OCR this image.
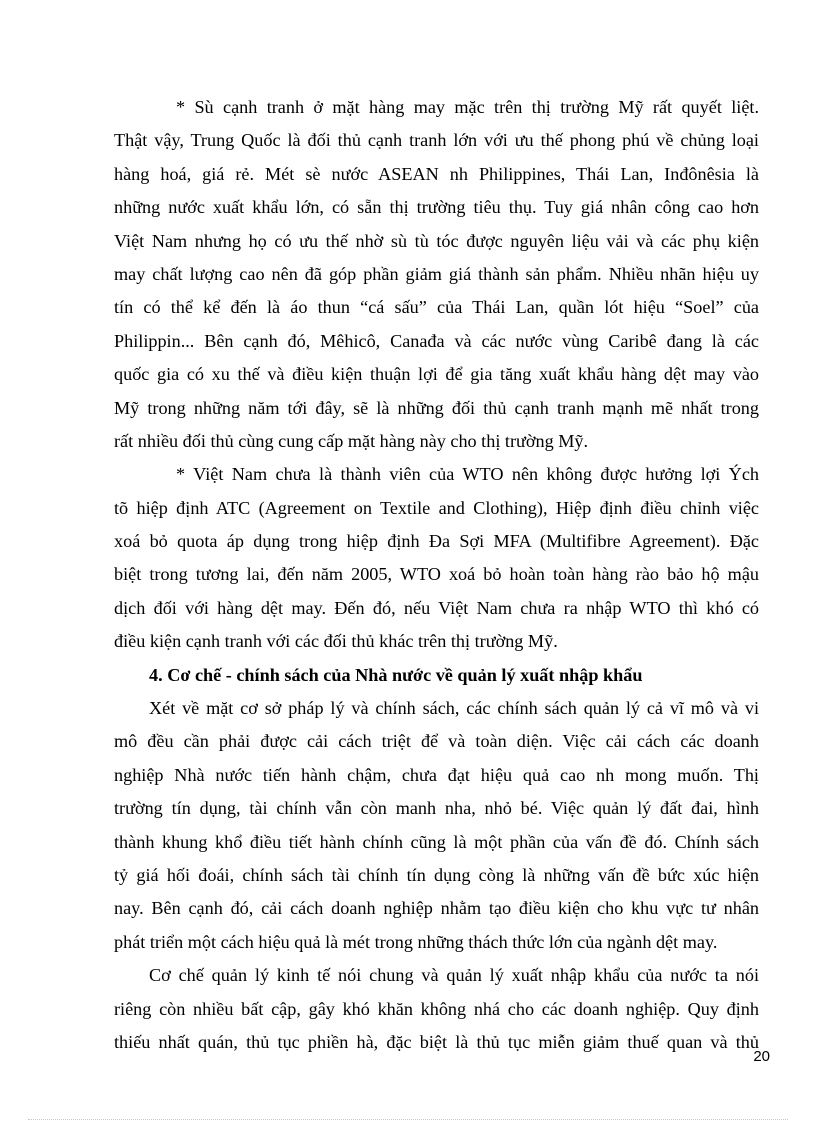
* Sù cạnh tranh ở mặt hàng may mặc trên thị trường Mỹ rất quyết liệt.
Thật vậy, Trung Quốc là đối thủ cạnh tranh lớn với ưu thế phong phú về chủng loại
hàng hoá, giá rẻ. Mét sè nước ASEAN nh Philippines, Thái Lan, Inđônêsia là
những nước xuất khẩu lớn, có sẵn thị trường tiêu thụ. Tuy giá nhân công cao hơn
Việt Nam nhưng họ có ưu thế nhờ sù tù tóc được nguyên liệu vải và các phụ kiện
may chất lượng cao nên đã góp phần giảm giá thành sản phẩm. Nhiều nhãn hiệu uy
tín có thể kể đến là áo thun “cá sấu” của Thái Lan, quần lót hiệu “Soel” của
Philippin... Bên cạnh đó, Mêhicô, Canađa và các nước vùng Caribê đang là các
quốc gia có xu thế và điều kiện thuận lợi để gia tăng xuất khẩu hàng dệt may vào
Mỹ trong những năm tới đây, sẽ là những đối thủ cạnh tranh mạnh mẽ nhất trong
rất nhiều đối thủ cùng cung cấp mặt hàng này cho thị trường Mỹ.
* Việt Nam chưa là thành viên của WTO nên không được hưởng lợi Ých
tõ hiệp định ATC (Agreement on Textile and Clothing), Hiệp định điều chỉnh việc
xoá bỏ quota áp dụng trong hiệp định Đa Sợi MFA (Multifibre Agreement). Đặc
biệt trong tương lai, đến năm 2005, WTO xoá bỏ hoàn toàn hàng rào bảo hộ mậu
dịch đối với hàng dệt may. Đến đó, nếu Việt Nam chưa ra nhập WTO thì khó có
điều kiện cạnh tranh với các đối thủ khác trên thị trường Mỹ.
4. Cơ chế - chính sách của Nhà nước về quản lý xuất nhập khẩu
Xét về mặt cơ sở pháp lý và chính sách, các chính sách quản lý cả vĩ mô và vi
mô đều cần phải được cải cách triệt để và toàn diện. Việc cải cách các doanh
nghiệp Nhà nước tiến hành chậm, chưa đạt hiệu quả cao nh mong muốn. Thị
trường tín dụng, tài chính vẫn còn manh nha, nhỏ bé. Việc quản lý đất đai, hình
thành khung khổ điều tiết hành chính cũng là một phần của vấn đề đó. Chính sách
tỷ giá hối đoái, chính sách tài chính tín dụng còng là những vấn đề bức xúc hiện
nay. Bên cạnh đó, cải cách doanh nghiệp nhằm tạo điều kiện cho khu vực tư nhân
phát triển một cách hiệu quả là mét trong những thách thức lớn của ngành dệt may.
Cơ chế quản lý kinh tế nói chung và quản lý xuất nhập khẩu của nước ta nói
riêng còn nhiều bất cập, gây khó khăn không nhá cho các doanh nghiệp. Quy định
thiếu nhất quán, thủ tục phiền hà, đặc biệt là thủ tục miễn giảm thuế quan và thủ
20
